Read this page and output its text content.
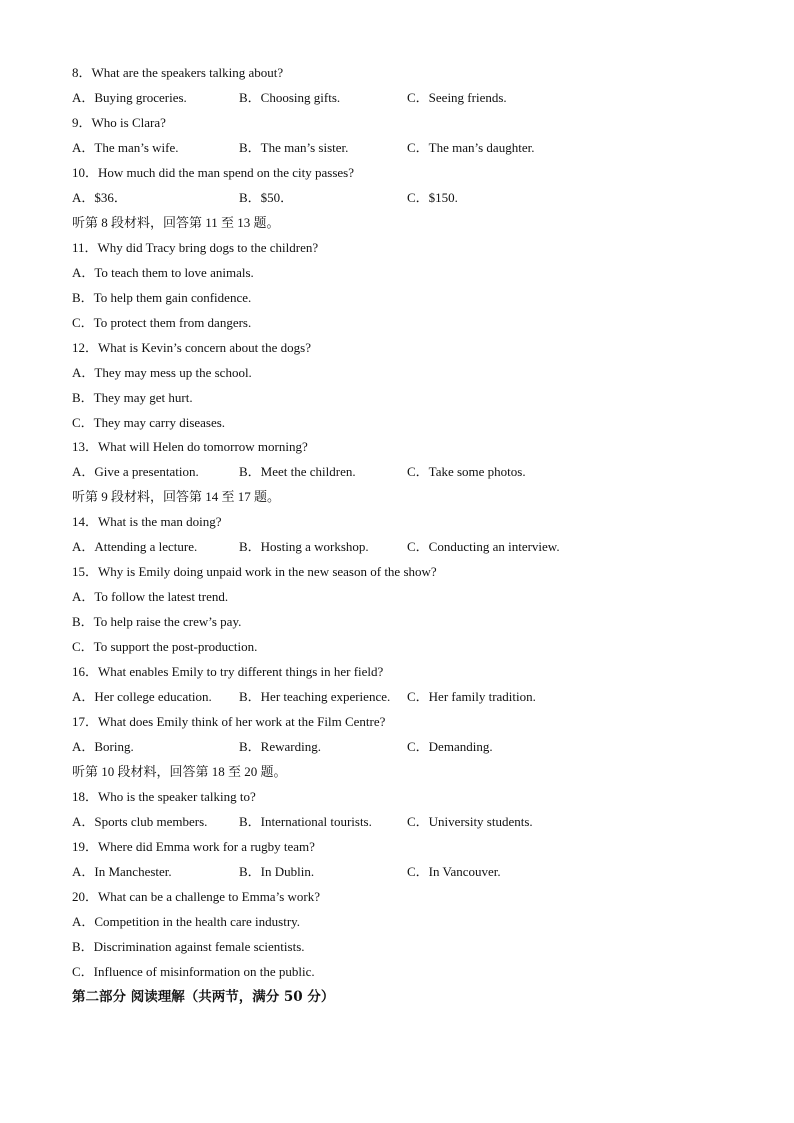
8．What are the speakers talking about?
A．Buying groceries.	B．Choosing gifts.	C．Seeing friends.
9．Who is Clara?
A．The man’s wife.	B．The man’s sister.	C．The man’s daughter.
10．How much did the man spend on the city passes?
A．$36．	B．$50．	C．$150.
听第 8 段材料，回答第 11 至 13 题。
11．Why did Tracy bring dogs to the children?
A．To teach them to love animals.
B．To help them gain confidence.
C．To protect them from dangers.
12．What is Kevin’s concern about the dogs?
A．They may mess up the school.
B．They may get hurt.
C．They may carry diseases.
13．What will Helen do tomorrow morning?
A．Give a presentation.	B．Meet the children.	C．Take some photos.
听第 9 段材料，回答第 14 至 17 题。
14．What is the man doing?
A．Attending a lecture.	B．Hosting a workshop.	C．Conducting an interview.
15．Why is Emily doing unpaid work in the new season of the show?
A．To follow the latest trend.
B．To help raise the crew’s pay.
C．To support the post-production.
16．What enables Emily to try different things in her field?
A．Her college education. B．Her teaching experience. C．Her family tradition.
17．What does Emily think of her work at the Film Centre?
A．Boring.	B．Rewarding.	C．Demanding.
听第 10 段材料，回答第 18 至 20 题。
18．Who is the speaker talking to?
A．Sports club members. B．International tourists.	C．University students.
19．Where did Emma work for a rugby team?
A．In Manchester.	B．In Dublin.	C．In Vancouver.
20．What can be a challenge to Emma’s work?
A．Competition in the health care industry.
B．Discrimination against female scientists.
C．Influence of misinformation on the public.
第二部分 阅读理解（共两节，满分 50 分）
